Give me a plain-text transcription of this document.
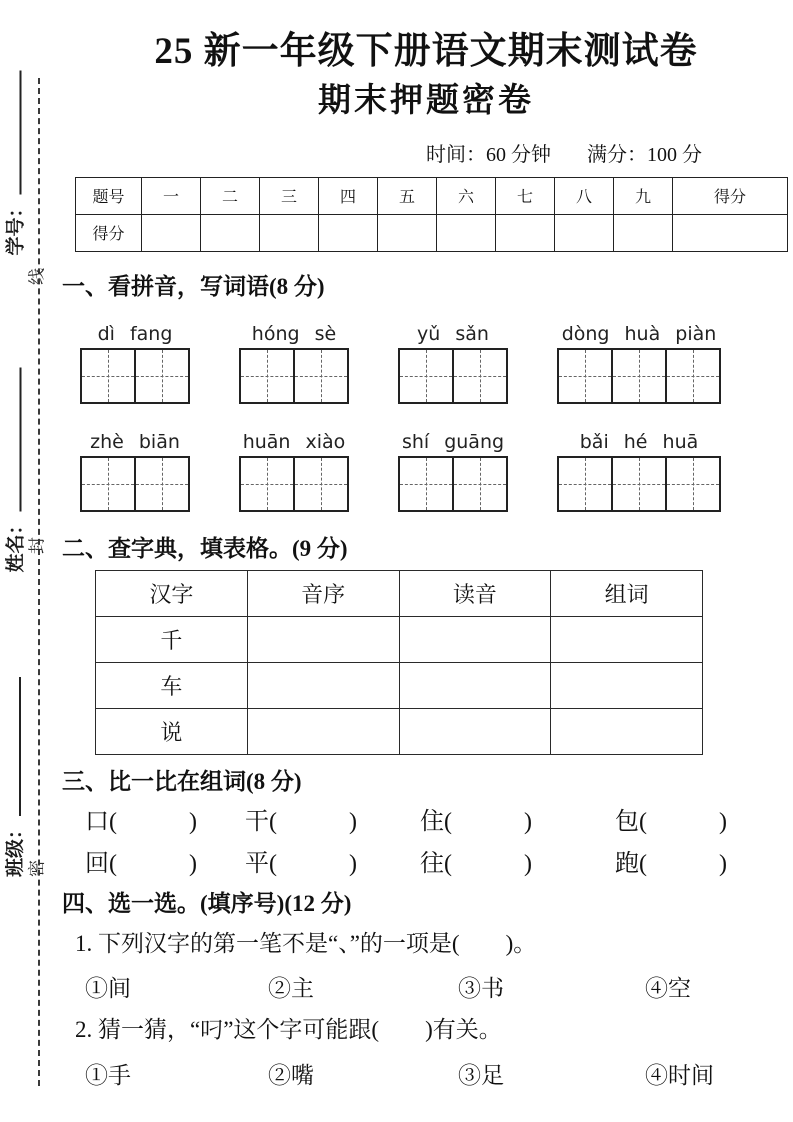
学号：
姓名：
班级：
线
封
密
25 新一年级下册语文期末测试卷
期末押题密卷
时间：60 分钟 满分：100 分
题号	一	二	三	四	五	六	七	八	九	得分
得分										
一、看拼音，写词语(8 分)
dì fang	hóng sè	yǔ sǎn	dòng huà piàn
zhè biān	huān xiào	shí guāng	bǎi hé huā
二、查字典，填表格。(9 分)
汉字	音序	读音	组词
千			
车			
说			
三、比一比在组词(8 分)
口(　　　)	干(　　　)	住(　　　)	包(　　　)
回(　　　)	平(　　　)	往(　　　)	跑(　　　)
四、选一选。(填序号)(12 分)
1. 下列汉字的第一笔不是“、”的一项是(　　)。
①间	②主	③书	④空
2. 猜一猜，“叼”这个字可能跟(　　)有关。
①手	②嘴	③足	④时间
